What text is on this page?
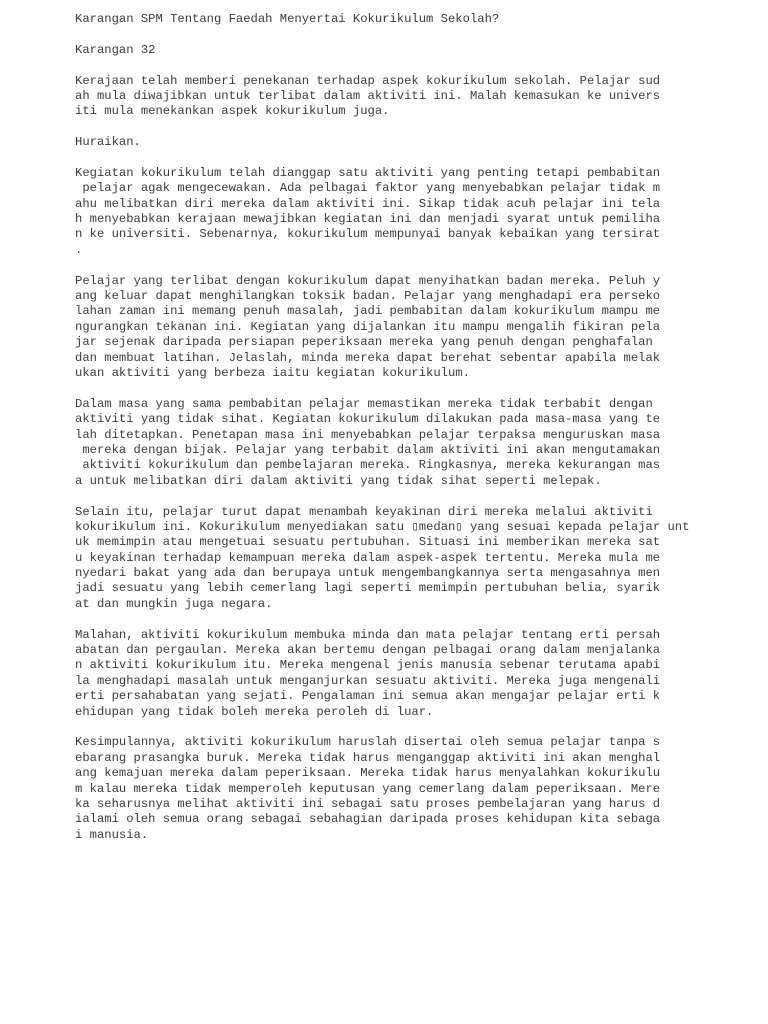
Karangan SPM Tentang Faedah Menyertai Kokurikulum Sekolah?
Karangan 32
Kerajaan telah memberi penekanan terhadap aspek kokurikulum sekolah. Pelajar sud
ah mula diwajibkan untuk terlibat dalam aktiviti ini. Malah kemasukan ke univers
iti mula menekankan aspek kokurikulum juga.
Huraikan.
Kegiatan kokurikulum telah dianggap satu aktiviti yang penting tetapi pembabitan
pelajar agak mengecewakan. Ada pelbagai faktor yang menyebabkan pelajar tidak m
ahu melibatkan diri mereka dalam aktiviti ini. Sikap tidak acuh pelajar ini tela
h menyebabkan kerajaan mewajibkan kegiatan ini dan menjadi syarat untuk pemiliha
n ke universiti. Sebenarnya, kokurikulum mempunyai banyak kebaikan yang tersirat
.
Pelajar yang terlibat dengan kokurikulum dapat menyihatkan badan mereka. Peluh y
ang keluar dapat menghilangkan toksik badan. Pelajar yang menghadapi era perseko
lahan zaman ini memang penuh masalah, jadi pembabitan dalam kokurikulum mampu me
ngurangkan tekanan ini. Kegiatan yang dijalankan itu mampu mengalih fikiran pela
jar sejenak daripada persiapan peperiksaan mereka yang penuh dengan penghafalan
dan membuat latihan. Jelaslah, minda mereka dapat berehat sebentar apabila melak
ukan aktiviti yang berbeza iaitu kegiatan kokurikulum.
Dalam masa yang sama pembabitan pelajar memastikan mereka tidak terbabit dengan
aktiviti yang tidak sihat. Kegiatan kokurikulum dilakukan pada masa-masa yang te
lah ditetapkan. Penetapan masa ini menyebabkan pelajar terpaksa menguruskan masa
mereka dengan bijak. Pelajar yang terbabit dalam aktiviti ini akan mengutamakan
aktiviti kokurikulum dan pembelajaran mereka. Ringkasnya, mereka kekurangan mas
a untuk melibatkan diri dalam aktiviti yang tidak sihat seperti melepak.
Selain itu, pelajar turut dapat menambah keyakinan diri mereka melalui aktiviti
kokurikulum ini. Kokurikulum menyediakan satu ▯medan▯ yang sesuai kepada pelajar unt
uk memimpin atau mengetuai sesuatu pertubuhan. Situasi ini memberikan mereka sat
u keyakinan terhadap kemampuan mereka dalam aspek-aspek tertentu. Mereka mula me
nyedari bakat yang ada dan berupaya untuk mengembangkannya serta mengasahnya men
jadi sesuatu yang lebih cemerlang lagi seperti memimpin pertubuhan belia, syarik
at dan mungkin juga negara.
Malahan, aktiviti kokurikulum membuka minda dan mata pelajar tentang erti persah
abatan dan pergaulan. Mereka akan bertemu dengan pelbagai orang dalam menjalanka
n aktiviti kokurikulum itu. Mereka mengenal jenis manusia sebenar terutama apabi
la menghadapi masalah untuk menganjurkan sesuatu aktiviti. Mereka juga mengenali
erti persahabatan yang sejati. Pengalaman ini semua akan mengajar pelajar erti k
ehidupan yang tidak boleh mereka peroleh di luar.
Kesimpulannya, aktiviti kokurikulum haruslah disertai oleh semua pelajar tanpa s
ebarang prasangka buruk. Mereka tidak harus menganggap aktiviti ini akan menghal
ang kemajuan mereka dalam peperiksaan. Mereka tidak harus menyalahkan kokurikulu
m kalau mereka tidak memperoleh keputusan yang cemerlang dalam peperiksaan. Mere
ka seharusnya melihat aktiviti ini sebagai satu proses pembelajaran yang harus d
ialami oleh semua orang sebagai sebahagian daripada proses kehidupan kita sebaga
i manusia.
